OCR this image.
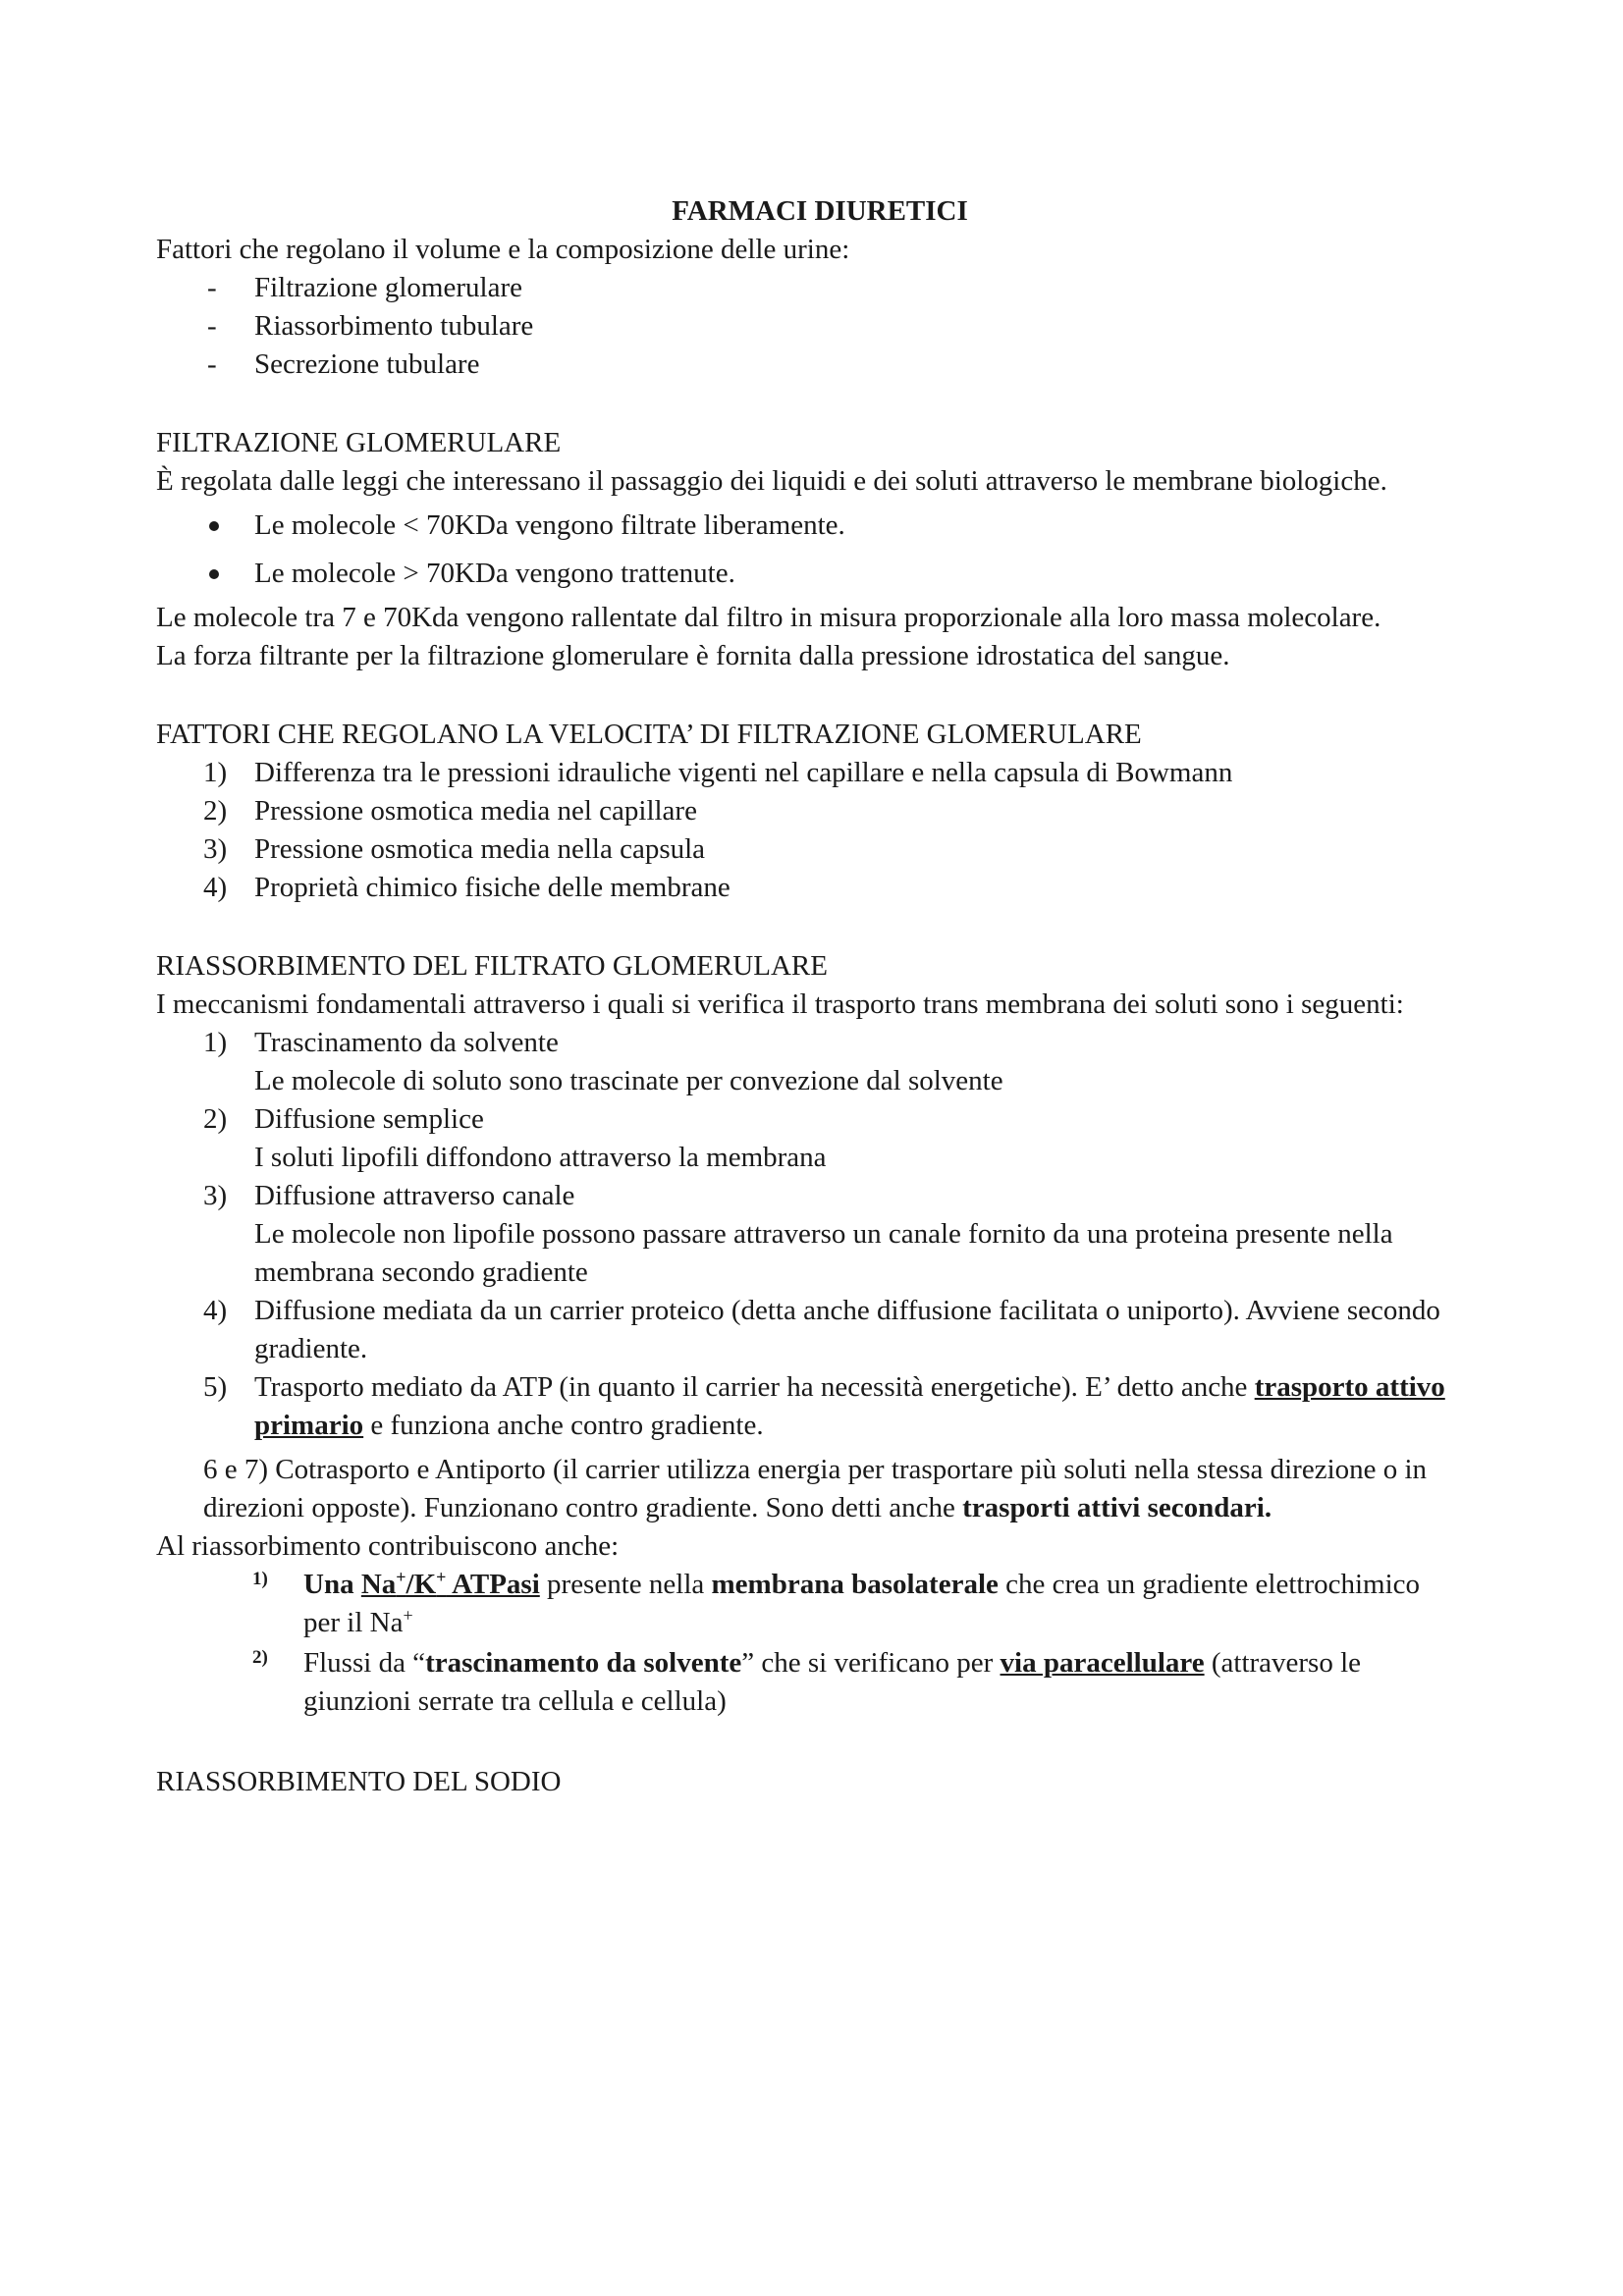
FARMACI DIURETICI

Fattori che regolano il volume e la composizione delle urine:

- Filtrazione glomerulare
- Riassorbimento tubulare
- Secrezione tubulare

FILTRAZIONE GLOMERULARE

È regolata dalle leggi che interessano il passaggio dei liquidi e dei soluti attraverso le membrane biologiche.

Le molecole < 70KDa vengono filtrate liberamente.
Le molecole > 70KDa vengono trattenute.

Le molecole tra 7 e 70Kda vengono rallentate dal filtro in misura proporzionale alla loro massa molecolare.

La forza filtrante per la filtrazione glomerulare è fornita dalla pressione idrostatica del sangue.

FATTORI CHE REGOLANO LA VELOCITA’ DI FILTRAZIONE GLOMERULARE

1) Differenza tra le pressioni idrauliche vigenti nel capillare e nella capsula di Bowmann
2) Pressione osmotica media nel capillare
3) Pressione osmotica media nella capsula
4) Proprietà chimico fisiche delle membrane

RIASSORBIMENTO DEL FILTRATO GLOMERULARE

I meccanismi fondamentali attraverso i quali si verifica il trasporto trans membrana dei soluti sono i seguenti:

1) Trascinamento da solvente
Le molecole di soluto sono trascinate per convezione dal solvente
2) Diffusione semplice
I soluti lipofili diffondono attraverso la membrana
3) Diffusione attraverso canale
Le molecole non lipofile possono passare attraverso un canale fornito da una proteina presente nella membrana secondo gradiente
4) Diffusione mediata da un carrier proteico (detta anche diffusione facilitata o uniporto). Avviene secondo gradiente.
5) Trasporto mediato da ATP (in quanto il carrier ha necessità energetiche). E’ detto anche trasporto attivo primario e funziona anche contro gradiente.

6 e 7) Cotrasporto e Antiporto (il carrier utilizza energia per trasportare più soluti nella stessa direzione o in direzioni opposte). Funzionano contro gradiente. Sono detti anche trasporti attivi secondari.

Al riassorbimento contribuiscono anche:

1) Una Na+/K+ ATPasi presente nella membrana basolaterale che crea un gradiente elettrochimico per il Na+
2) Flussi da “trascinamento da solvente” che si verificano per via paracellulare (attraverso le giunzioni serrate tra cellula e cellula)

RIASSORBIMENTO DEL SODIO
